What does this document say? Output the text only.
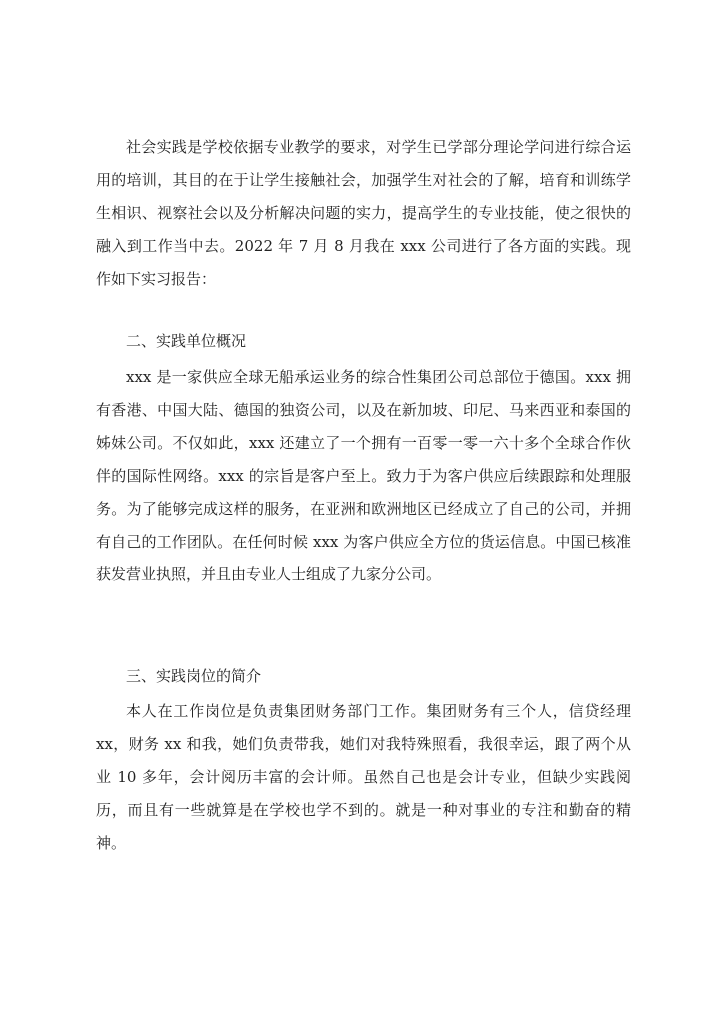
社会实践是学校依据专业教学的要求，对学生已学部分理论学问进行综合运用的培训，其目的在于让学生接触社会，加强学生对社会的了解，培育和训练学生相识、视察社会以及分析解决问题的实力，提高学生的专业技能，使之很快的融入到工作当中去。2022 年 7 月 8 月我在 xxx 公司进行了各方面的实践。现作如下实习报告：

二、实践单位概况

xxx 是一家供应全球无船承运业务的综合性集团公司总部位于德国。xxx 拥有香港、中国大陆、德国的独资公司，以及在新加坡、印尼、马来西亚和泰国的姊妹公司。不仅如此，xxx 还建立了一个拥有一百零一零一六十多个全球合作伙伴的国际性网络。xxx 的宗旨是客户至上。致力于为客户供应后续跟踪和处理服务。为了能够完成这样的服务，在亚洲和欧洲地区已经成立了自己的公司，并拥有自己的工作团队。在任何时候 xxx 为客户供应全方位的货运信息。中国已核准获发营业执照，并且由专业人士组成了九家分公司。

三、实践岗位的简介

本人在工作岗位是负责集团财务部门工作。集团财务有三个人，信贷经理 xx，财务 xx 和我，她们负责带我，她们对我特殊照看，我很幸运，跟了两个从业 10 多年，会计阅历丰富的会计师。虽然自己也是会计专业，但缺少实践阅历，而且有一些就算是在学校也学不到的。就是一种对事业的专注和勤奋的精神。
